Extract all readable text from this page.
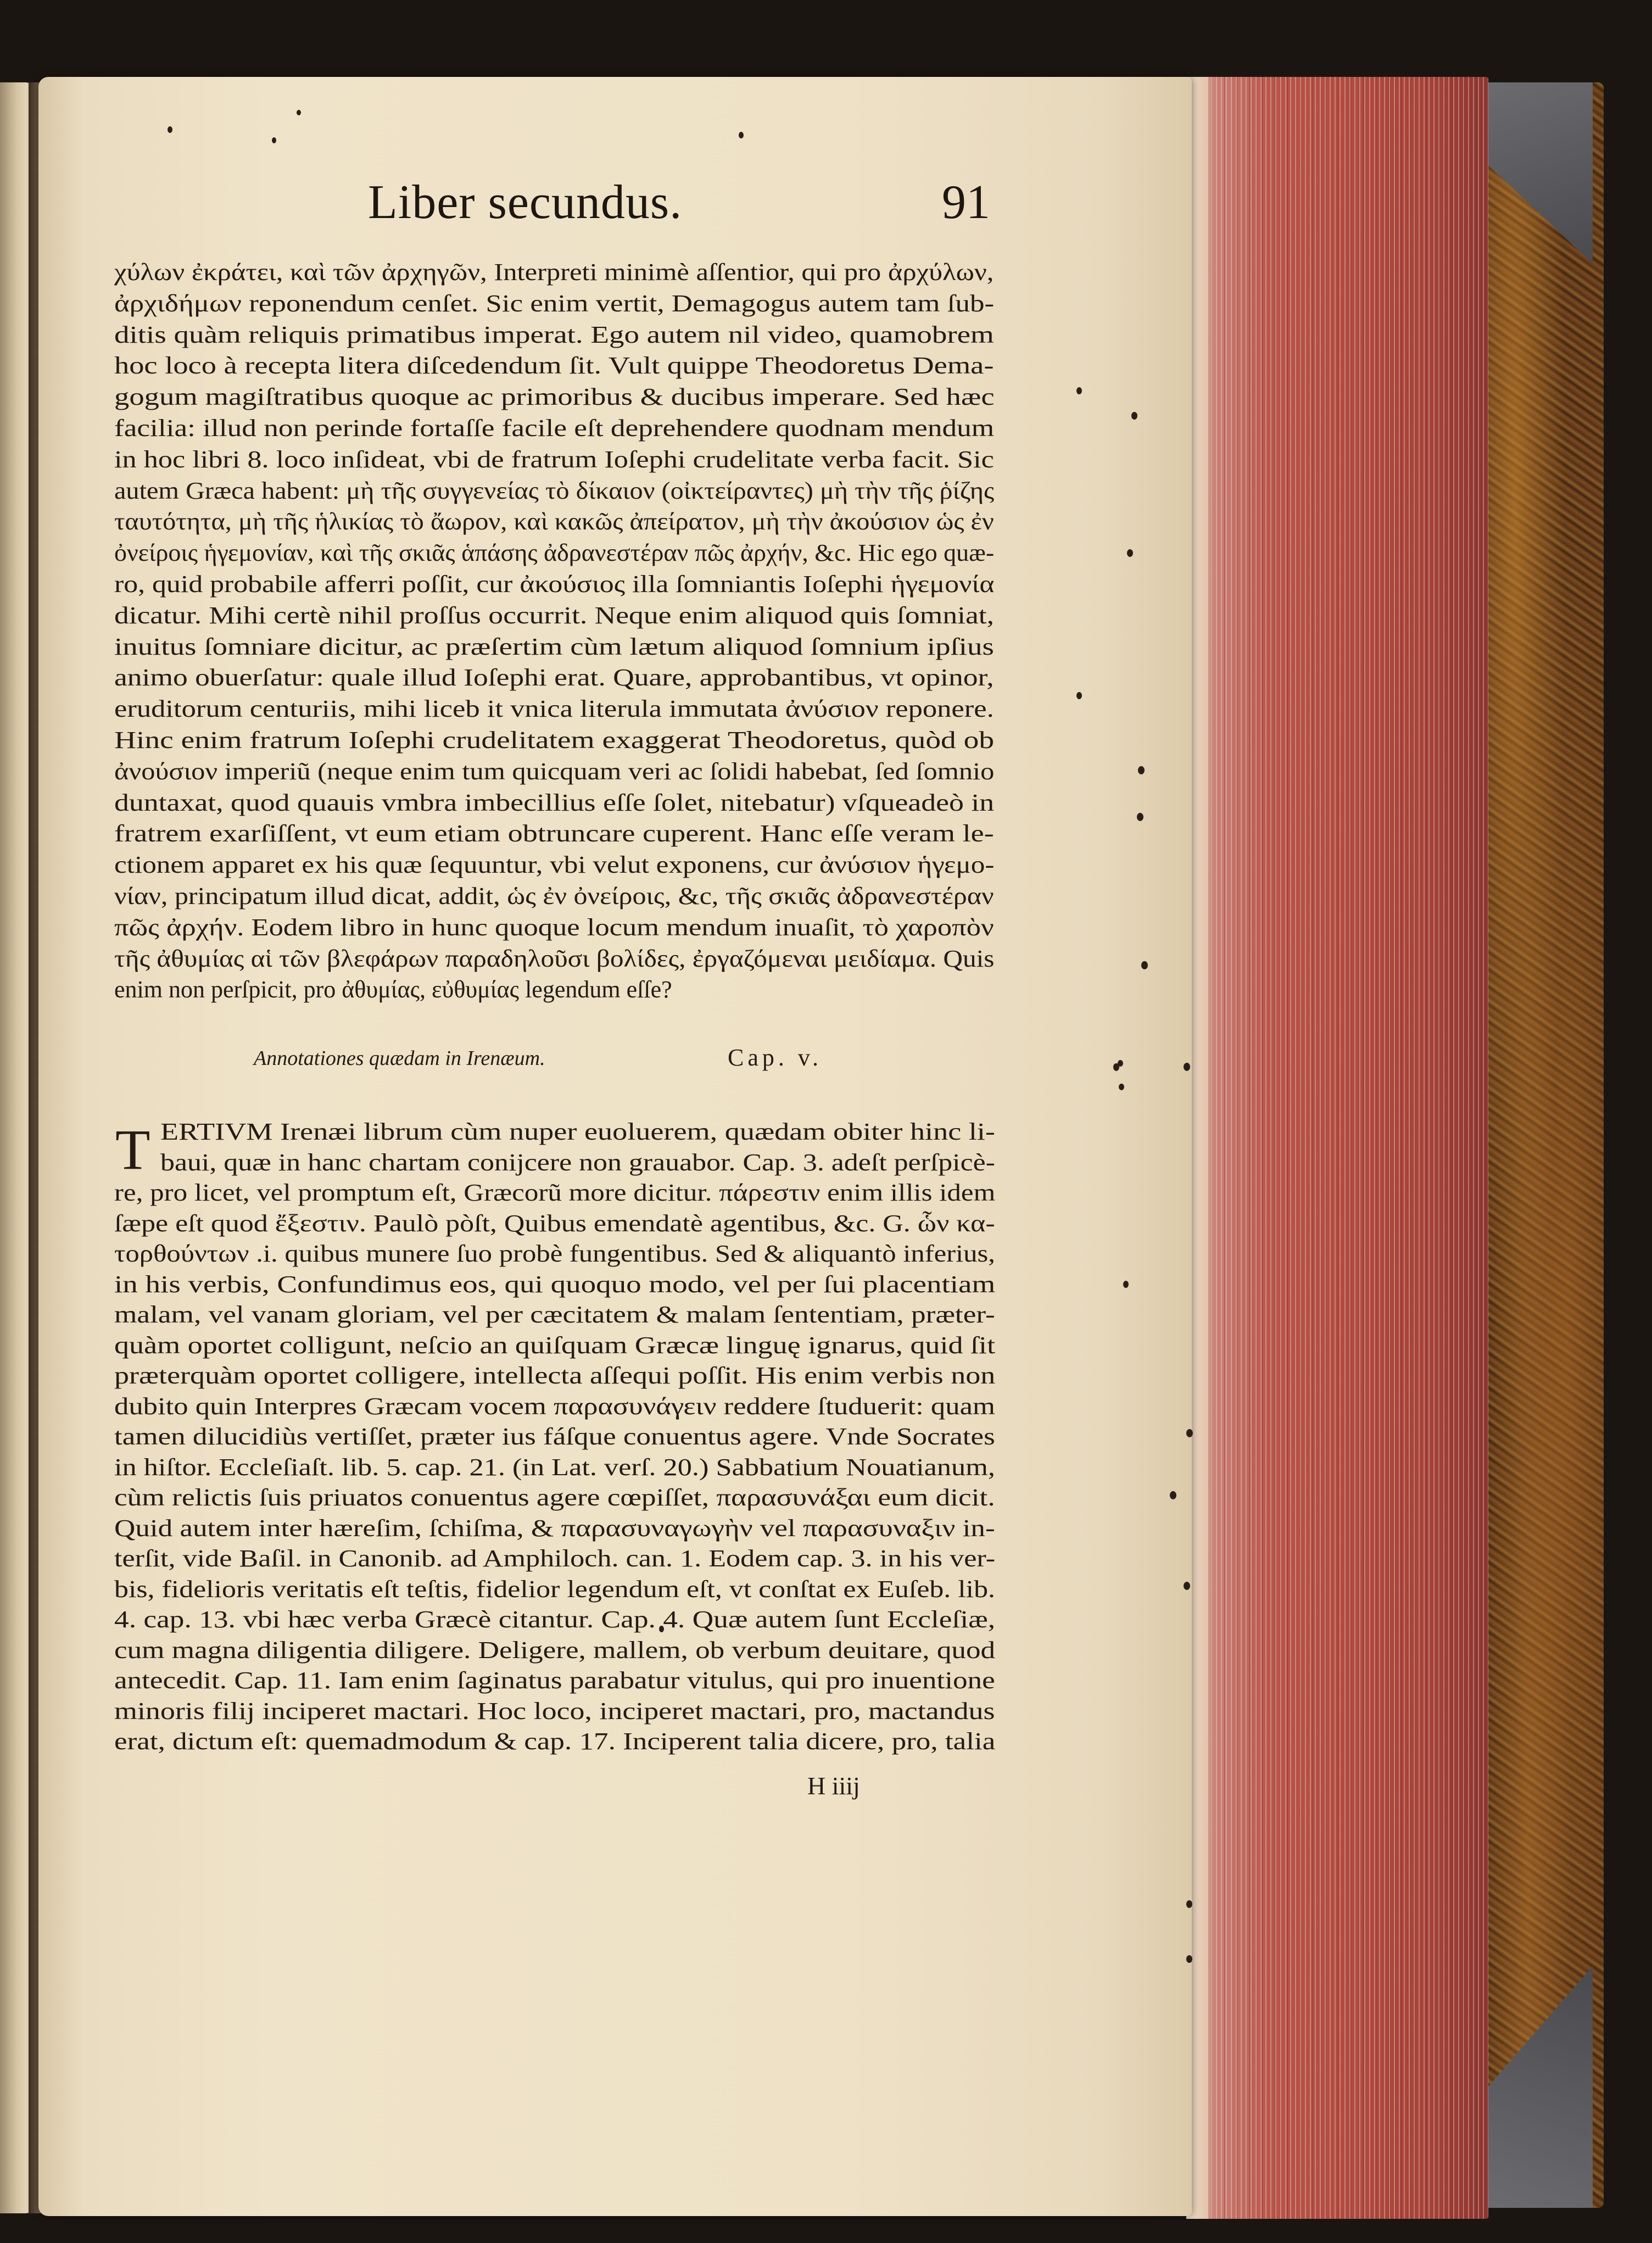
Liber secundus.	91
χύλων ἐκράτει, καὶ τῶν ἀρχηγῶν, Interpreti minimè aſſentior, qui pro ἀρχύλων,
ἀρχιδήμων reponendum cenſet. Sic enim vertit, Demagogus autem tam ſub-
ditis quàm reliquis primatibus imperat. Ego autem nil video, quamobrem
hoc loco à recepta litera diſcedendum ſit. Vult quippe Theodoretus Dema-
gogum magiſtratibus quoque ac primoribus & ducibus imperare. Sed hæc
facilia: illud non perinde fortaſſe facile eſt deprehendere quodnam mendum
in hoc libri 8. loco inſideat, vbi de fratrum Ioſephi crudelitate verba facit. Sic
autem Græca habent: μὴ τῆς συγγενείας τὸ δίκαιον (οἰκτείραντες) μὴ τὴν τῆς ῥίζης
ταυτότητα, μὴ τῆς ἡλικίας τὸ ἄωρον, καὶ κακῶς ἀπείρατον, μὴ τὴν ἀκούσιον ὡς ἐν
ὀνείροις ἡγεμονίαν, καὶ τῆς σκιᾶς ἁπάσης ἀδρανεστέραν πῶς ἀρχήν, &c. Hic ego quæ-
ro, quid probabile afferri poſſit, cur ἀκούσιος illa ſomniantis Ioſephi ἡγεμονία
dicatur. Mihi certè nihil proſſus occurrit. Neque enim aliquod quis ſomniat,
inuitus ſomniare dicitur, ac præſertim cùm lætum aliquod ſomnium ipſius
animo obuerſatur: quale illud Ioſephi erat. Quare, approbantibus, vt opinor,
eruditorum centuriis, mihi liceb it vnica literula immutata ἀνύσιον reponere.
Hinc enim fratrum Ioſephi crudelitatem exaggerat Theodoretus, quòd ob
ἀνούσιον imperiũ (neque enim tum quicquam veri ac ſolidi habebat, ſed ſomnio
duntaxat, quod quauis vmbra imbecillius eſſe ſolet, nitebatur) vſqueadeò in
fratrem exarſiſſent, vt eum etiam obtruncare cuperent. Hanc eſſe veram le-
ctionem apparet ex his quæ ſequuntur, vbi velut exponens, cur ἀνύσιον ἡγεμο-
νίαν, principatum illud dicat, addit, ὡς ἐν ὀνείροις, &c, τῆς σκιᾶς ἀδρανεστέραν
πῶς ἀρχήν. Eodem libro in hunc quoque locum mendum inuaſit, τὸ χαροπὸν
τῆς ἀθυμίας αἱ τῶν βλεφάρων παραδηλοῦσι βολίδες, ἐργαζόμεναι μειδίαμα. Quis
enim non perſpicit, pro ἀθυμίας, εὐθυμίας legendum eſſe?
Annotationes quædam in Irenæum.	Cap. v.
T ERTIVM Irenæi librum cùm nuper euoluerem, quædam obiter hinc li-
baui, quæ in hanc chartam conijcere non grauabor. Cap. 3. adeſt perſpicè-
re, pro licet, vel promptum eſt, Græcorũ more dicitur. πάρεστιν enim illis idem
ſæpe eſt quod ἔξεστιν. Paulò pòſt, Quibus emendatè agentibus, &c. G. ὧν κα-
τορθούντων .i. quibus munere ſuo probè fungentibus. Sed & aliquantò inferius,
in his verbis, Confundimus eos, qui quoquo modo, vel per ſui placentiam
malam, vel vanam gloriam, vel per cæcitatem & malam ſententiam, præter-
quàm oportet colligunt, neſcio an quiſquam Græcæ linguę ignarus, quid ſit
præterquàm oportet colligere, intellecta aſſequi poſſit. His enim verbis non
dubito quin Interpres Græcam vocem παρασυνάγειν reddere ſtuduerit: quam
tamen dilucidiùs vertiſſet, præter ius fáſque conuentus agere. Vnde Socrates
in hiſtor. Eccleſiaſt. lib. 5. cap. 21. (in Lat. verſ. 20.) Sabbatium Nouatianum,
cùm relictis ſuis priuatos conuentus agere cœpiſſet, παρασυνάξαι eum dicit.
Quid autem inter hæreſim, ſchiſma, & παρασυναγωγὴν vel παρασυναξιν in-
terſit, vide Baſil. in Canonib. ad Amphiloch. can. 1. Eodem cap. 3. in his ver-
bis, fidelioris veritatis eſt teſtis, fidelior legendum eſt, vt conſtat ex Euſeb. lib.
4. cap. 13. vbi hæc verba Græcè citantur. Cap. 4. Quæ autem ſunt Eccleſiæ,
cum magna diligentia diligere. Deligere, mallem, ob verbum deuitare, quod
antecedit. Cap. 11. Iam enim ſaginatus parabatur vitulus, qui pro inuentione
minoris filij inciperet mactari. Hoc loco, inciperet mactari, pro, mactandus
erat, dictum eſt: quemadmodum & cap. 17. Inciperent talia dicere, pro, talia
H iiij
